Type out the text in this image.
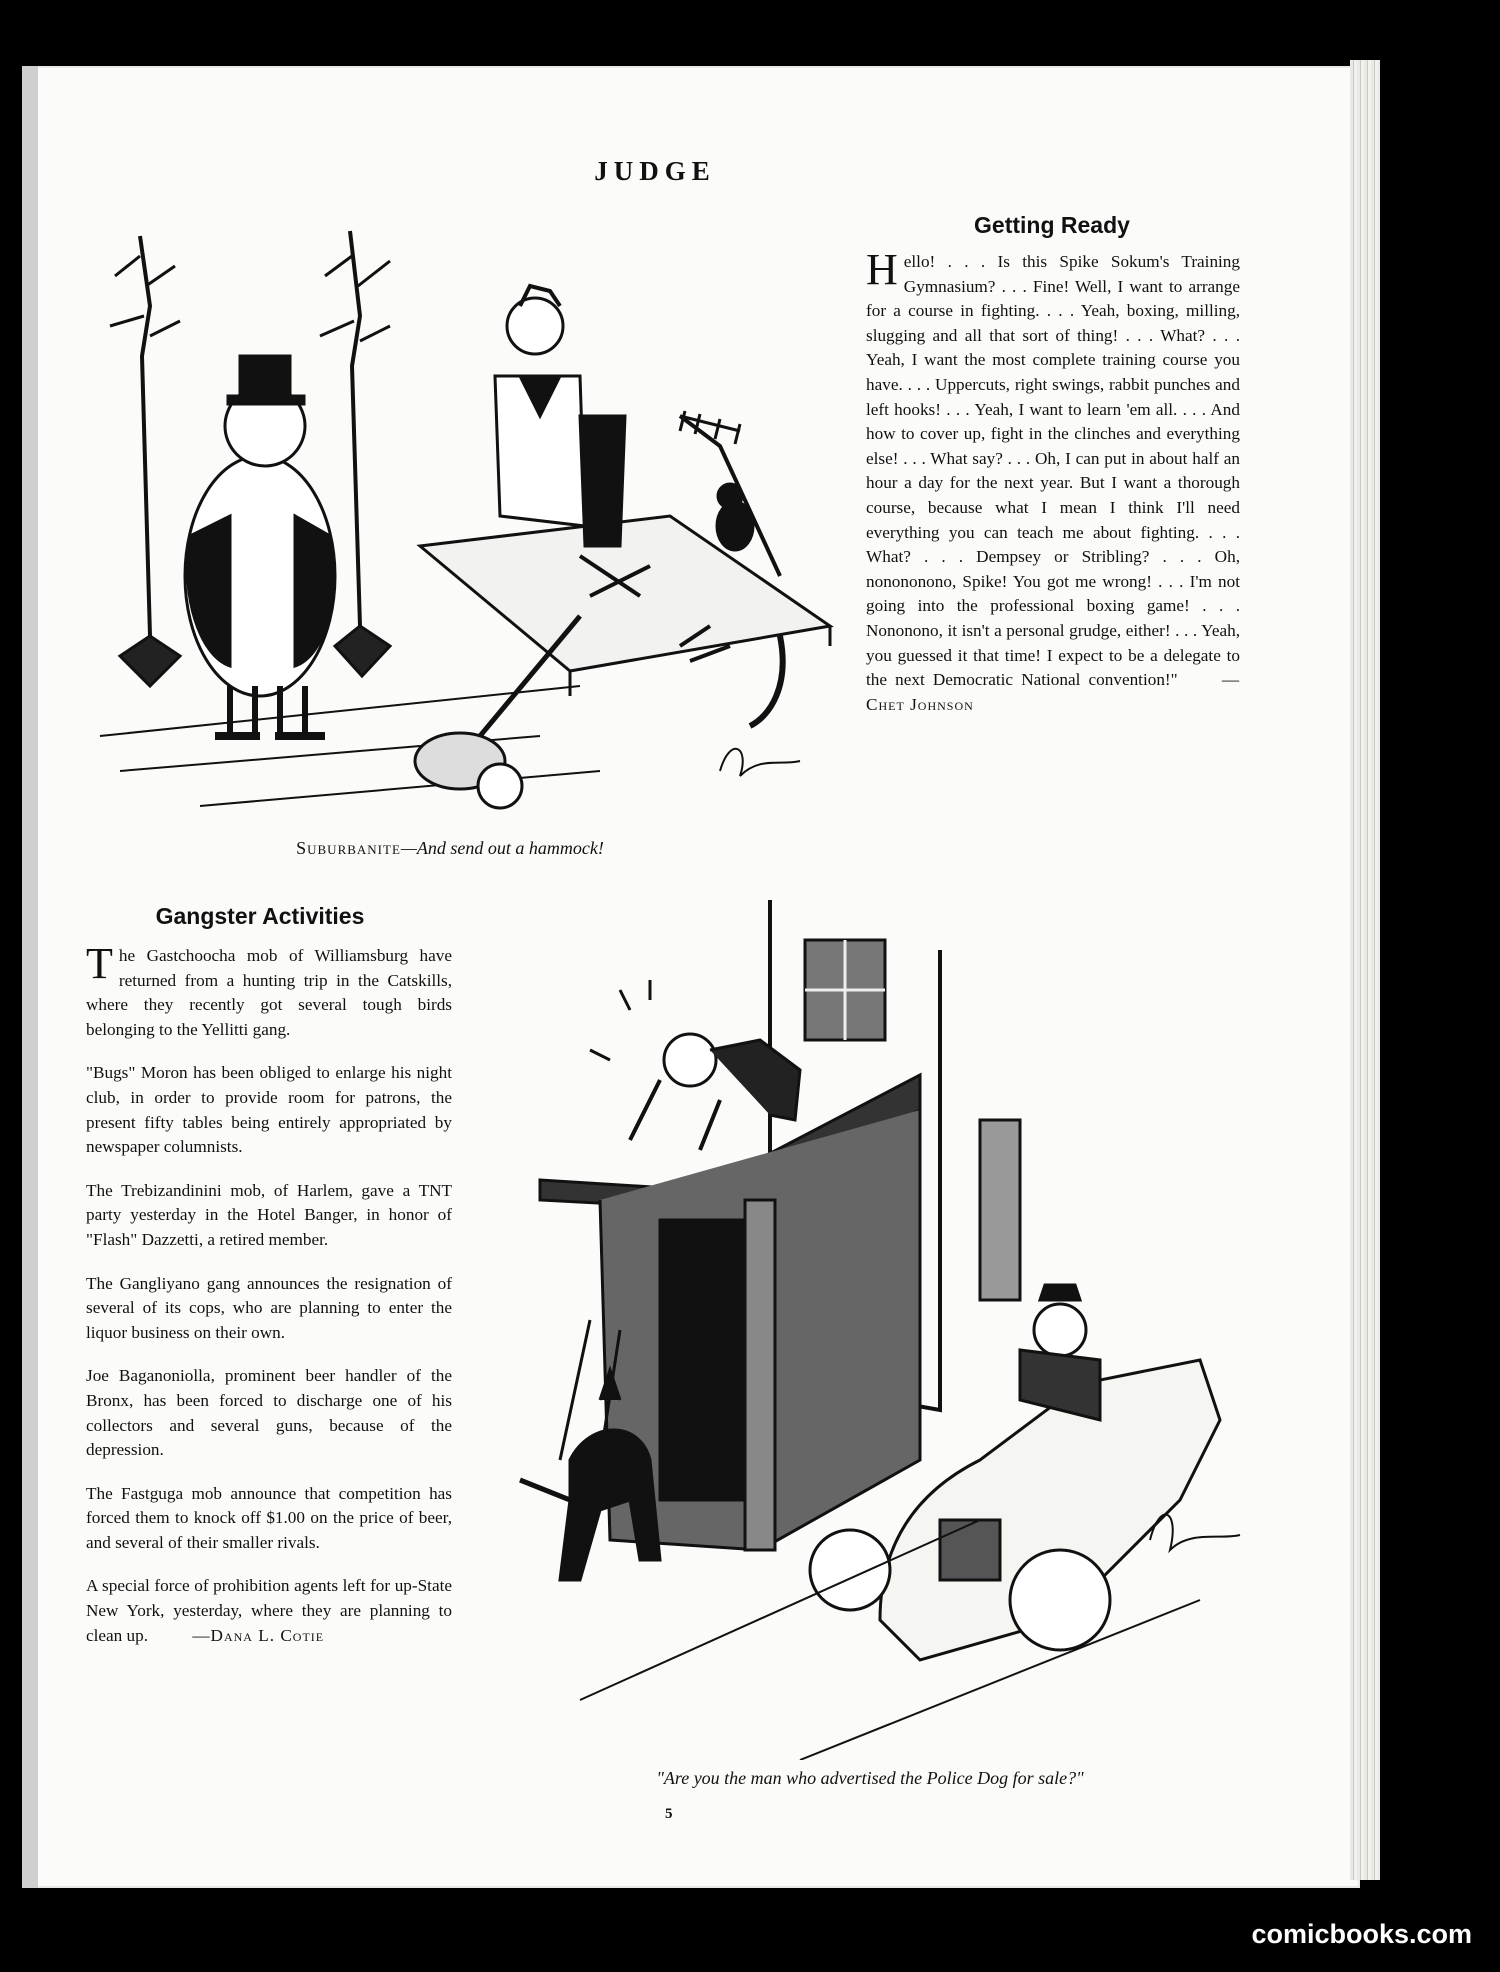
JUDGE
Suburbanite—And send out a hammock!
Getting Ready
H ello! . . . Is this Spike Sokum's Training Gymnasium? . . . Fine! Well, I want to arrange for a course in fighting. . . . Yeah, boxing, milling, slugging and all that sort of thing! . . . What? . . . Yeah, I want the most complete training course you have. . . . Uppercuts, right swings, rabbit punches and left hooks! . . . Yeah, I want to learn 'em all. . . . And how to cover up, fight in the clinches and everything else! . . . What say? . . . Oh, I can put in about half an hour a day for the next year. But I want a thorough course, because what I mean I think I'll need everything you can teach me about fighting. . . . What? . . . Dempsey or Stribling? . . . Oh, nonononono, Spike! You got me wrong! . . . I'm not going into the professional boxing game! . . . Nononono, it isn't a personal grudge, either! . . . Yeah, you guessed it that time! I expect to be a delegate to the next Democratic National convention!"	—Chet Johnson
Gangster Activities

The Gastchoocha mob of Williamsburg have returned from a hunting trip in the Catskills, where they recently got several tough birds belonging to the Yellitti gang.

"Bugs" Moron has been obliged to enlarge his night club, in order to provide room for patrons, the present fifty tables being entirely appropriated by newspaper columnists.

The Trebizandinini mob, of Harlem, gave a TNT party yesterday in the Hotel Banger, in honor of "Flash" Dazzetti, a retired member.

The Gangliyano gang announces the resignation of several of its cops, who are planning to enter the liquor business on their own.

Joe Baganoniolla, prominent beer handler of the Bronx, has been forced to discharge one of his collectors and several guns, because of the depression.

The Fastguga mob announce that competition has forced them to knock off $1.00 on the price of beer, and several of their smaller rivals.

A special force of prohibition agents left for up-State New York, yesterday, where they are planning to clean up.	—Dana L. Cotie

"Are you the man who advertised the Police Dog for sale?"
5
comicbooks.com
